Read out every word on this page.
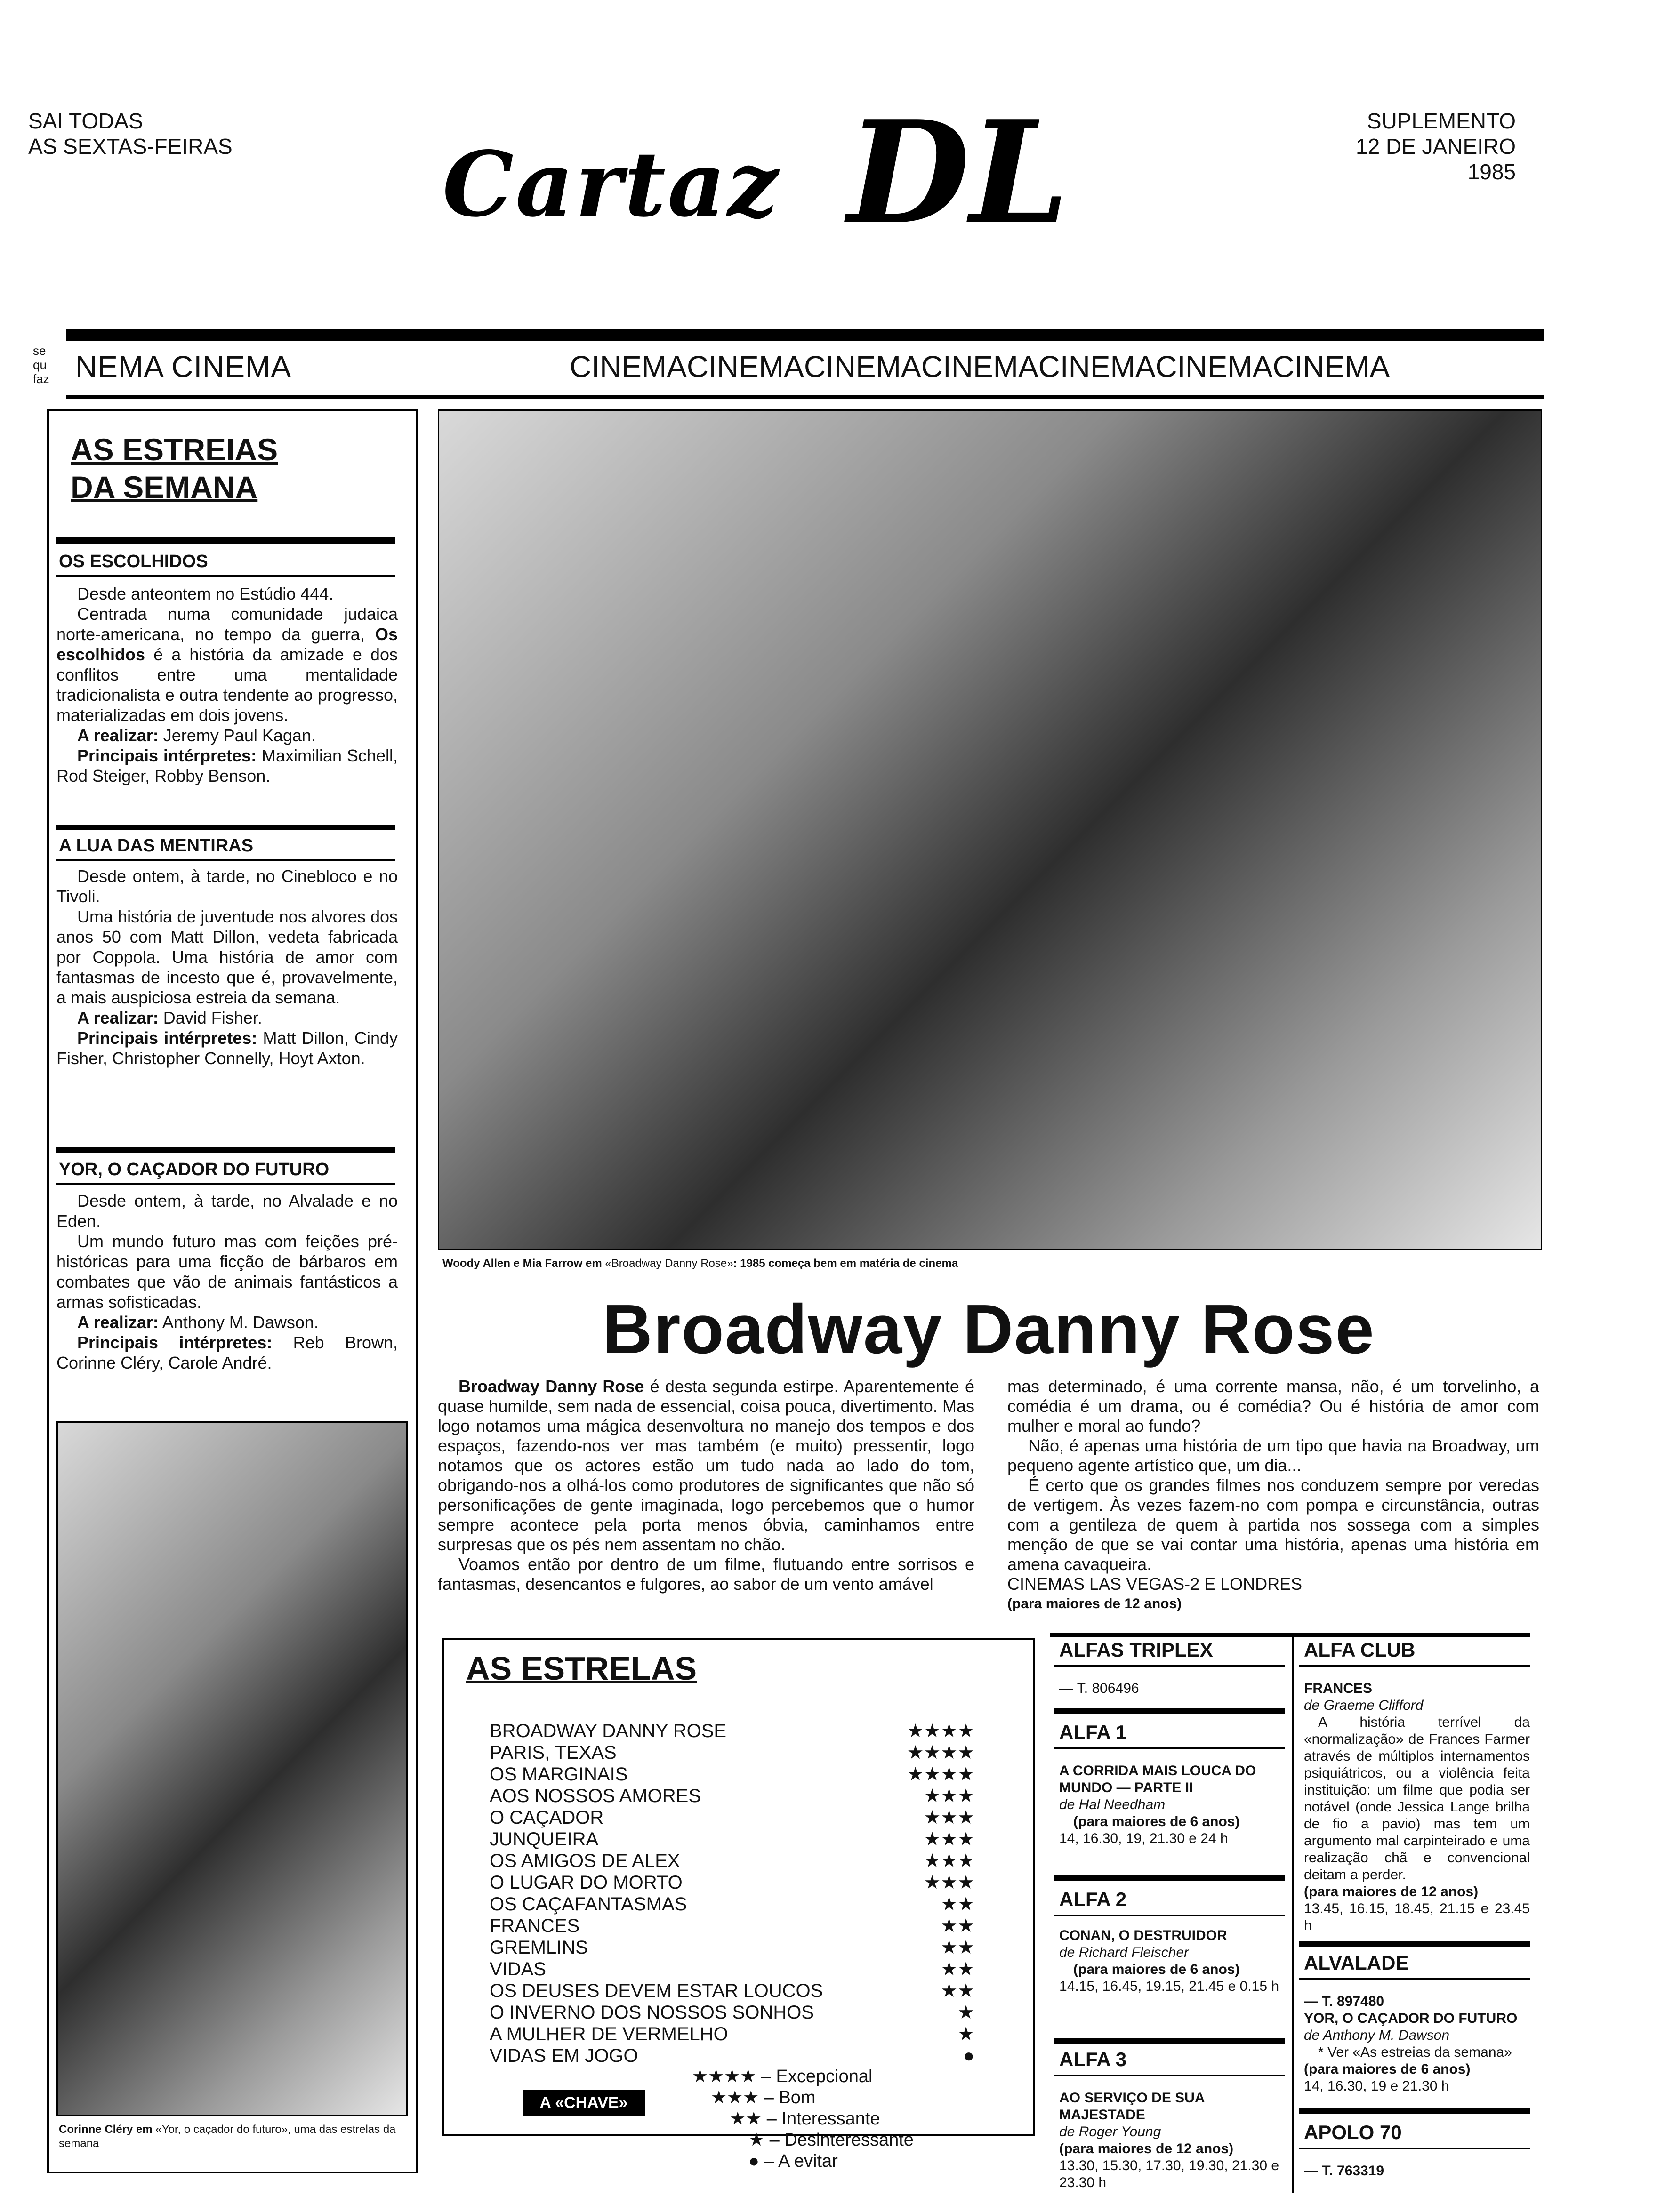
SAI TODAS
AS SEXTAS-FEIRAS Cartaz DL	SUPLEMENTO
12 DE JANEIRO
1985
se
qu
faz NEMA CINEMA	CINEMACINEMACINEMACINEMACINEMACINEMACINEMA
AS ESTREIAS
DA SEMANA
OS ESCOLHIDOS

Desde anteontem no Estúdio 444.

Centrada numa comunidade judaica norte-americana, no tempo da guerra, Os escolhidos é a história da amizade e dos conflitos entre uma mentalidade tradicionalista e outra tendente ao progresso, materializadas em dois jovens.

A realizar: Jeremy Paul Kagan.

Principais intérpretes: Maximilian Schell, Rod Steiger, Robby Benson.

A LUA DAS MENTIRAS

Desde ontem, à tarde, no Cinebloco e no Tivoli.

Uma história de juventude nos alvores dos anos 50 com Matt Dillon, vedeta fabricada por Coppola. Uma história de amor com fantasmas de incesto que é, provavelmente, a mais auspiciosa estreia da semana.

A realizar: David Fisher.

Principais intérpretes: Matt Dillon, Cindy Fisher, Christopher Connelly, Hoyt Axton.

YOR, O CAÇADOR DO FUTURO

Desde ontem, à tarde, no Alvalade e no Eden.

Um mundo futuro mas com feições pré-históricas para uma ficção de bárbaros em combates que vão de animais fantásticos a armas sofisticadas.

A realizar: Anthony M. Dawson.

Principais intérpretes: Reb Brown, Corinne Cléry, Carole André.

Corinne Cléry em «Yor, o caçador do futuro», uma das estrelas da semana
Woody Allen e Mia Farrow em «Broadway Danny Rose»: 1985 começa bem em matéria de cinema
Broadway Danny Rose

Broadway Danny Rose é desta segunda estirpe. Aparentemente é quase humilde, sem nada de essencial, coisa pouca, divertimento. Mas logo notamos uma mágica desenvoltura no manejo dos tempos e dos espaços, fazendo-nos ver mas também (e muito) pressentir, logo notamos que os actores estão um tudo nada ao lado do tom, obrigando-nos a olhá-los como produtores de significantes que não só personificações de gente imaginada, logo percebemos que o humor sempre acontece pela porta menos óbvia, caminhamos entre surpresas que os pés nem assentam no chão.

Voamos então por dentro de um filme, flutuando entre sorrisos e fantasmas, desencantos e fulgores, ao sabor de um vento amável

mas determinado, é uma corrente mansa, não, é um torvelinho, a comédia é um drama, ou é comédia? Ou é história de amor com mulher e moral ao fundo?

Não, é apenas uma história de um tipo que havia na Broadway, um pequeno agente artístico que, um dia...

É certo que os grandes filmes nos conduzem sempre por veredas de vertigem. Às vezes fazem-no com pompa e circunstância, outras com a gentileza de quem à partida nos sossega com a simples menção de que se vai contar uma história, apenas uma história em amena cavaqueira.

CINEMAS LAS VEGAS-2 E LONDRES

(para maiores de 12 anos)

AS ESTRELAS
BROADWAY DANNY ROSE	★★★★
PARIS, TEXAS	★★★★
OS MARGINAIS	★★★★
AOS NOSSOS AMORES	★★★
O CAÇADOR	★★★
JUNQUEIRA	★★★
OS AMIGOS DE ALEX	★★★
O LUGAR DO MORTO	★★★
OS CAÇAFANTASMAS	★★
FRANCES	★★
GREMLINS	★★
VIDAS	★★
OS DEUSES DEVEM ESTAR LOUCOS	★★
O INVERNO DOS NOSSOS SONHOS	★
A MULHER DE VERMELHO	★
VIDAS EM JOGO	●
A «CHAVE»
★★★★ – Excepcional
★★★ – Bom
★★ – Interessante
★ – Desinteressante
● – A evitar
ALFAS TRIPLEX
— T. 806496
ALFA 1

A CORRIDA MAIS LOUCA DO MUNDO — PARTE II

de Hal Needham

(para maiores de 6 anos)

14, 16.30, 19, 21.30 e 24 h

ALFA 2

CONAN, O DESTRUIDOR

de Richard Fleischer

(para maiores de 6 anos)

14.15, 16.45, 19.15, 21.45 e 0.15 h

ALFA 3

AO SERVIÇO DE SUA MAJESTADE

de Roger Young

(para maiores de 12 anos)

13.30, 15.30, 17.30, 19.30, 21.30 e 23.30 h

ALFA CLUB

FRANCES

de Graeme Clifford

A história terrível da «normalização» de Frances Farmer através de múltiplos internamentos psiquiátricos, ou a violência feita instituição: um filme que podia ser notável (onde Jessica Lange brilha de fio a pavio) mas tem um argumento mal carpinteirado e uma realização chã e convencional deitam a perder.

(para maiores de 12 anos)

13.45, 16.15, 18.45, 21.15 e 23.45 h

ALVALADE

— T. 897480

YOR, O CAÇADOR DO FUTURO

de Anthony M. Dawson

* Ver «As estreias da semana»

(para maiores de 6 anos)

14, 16.30, 19 e 21.30 h

APOLO 70
— T. 763319
